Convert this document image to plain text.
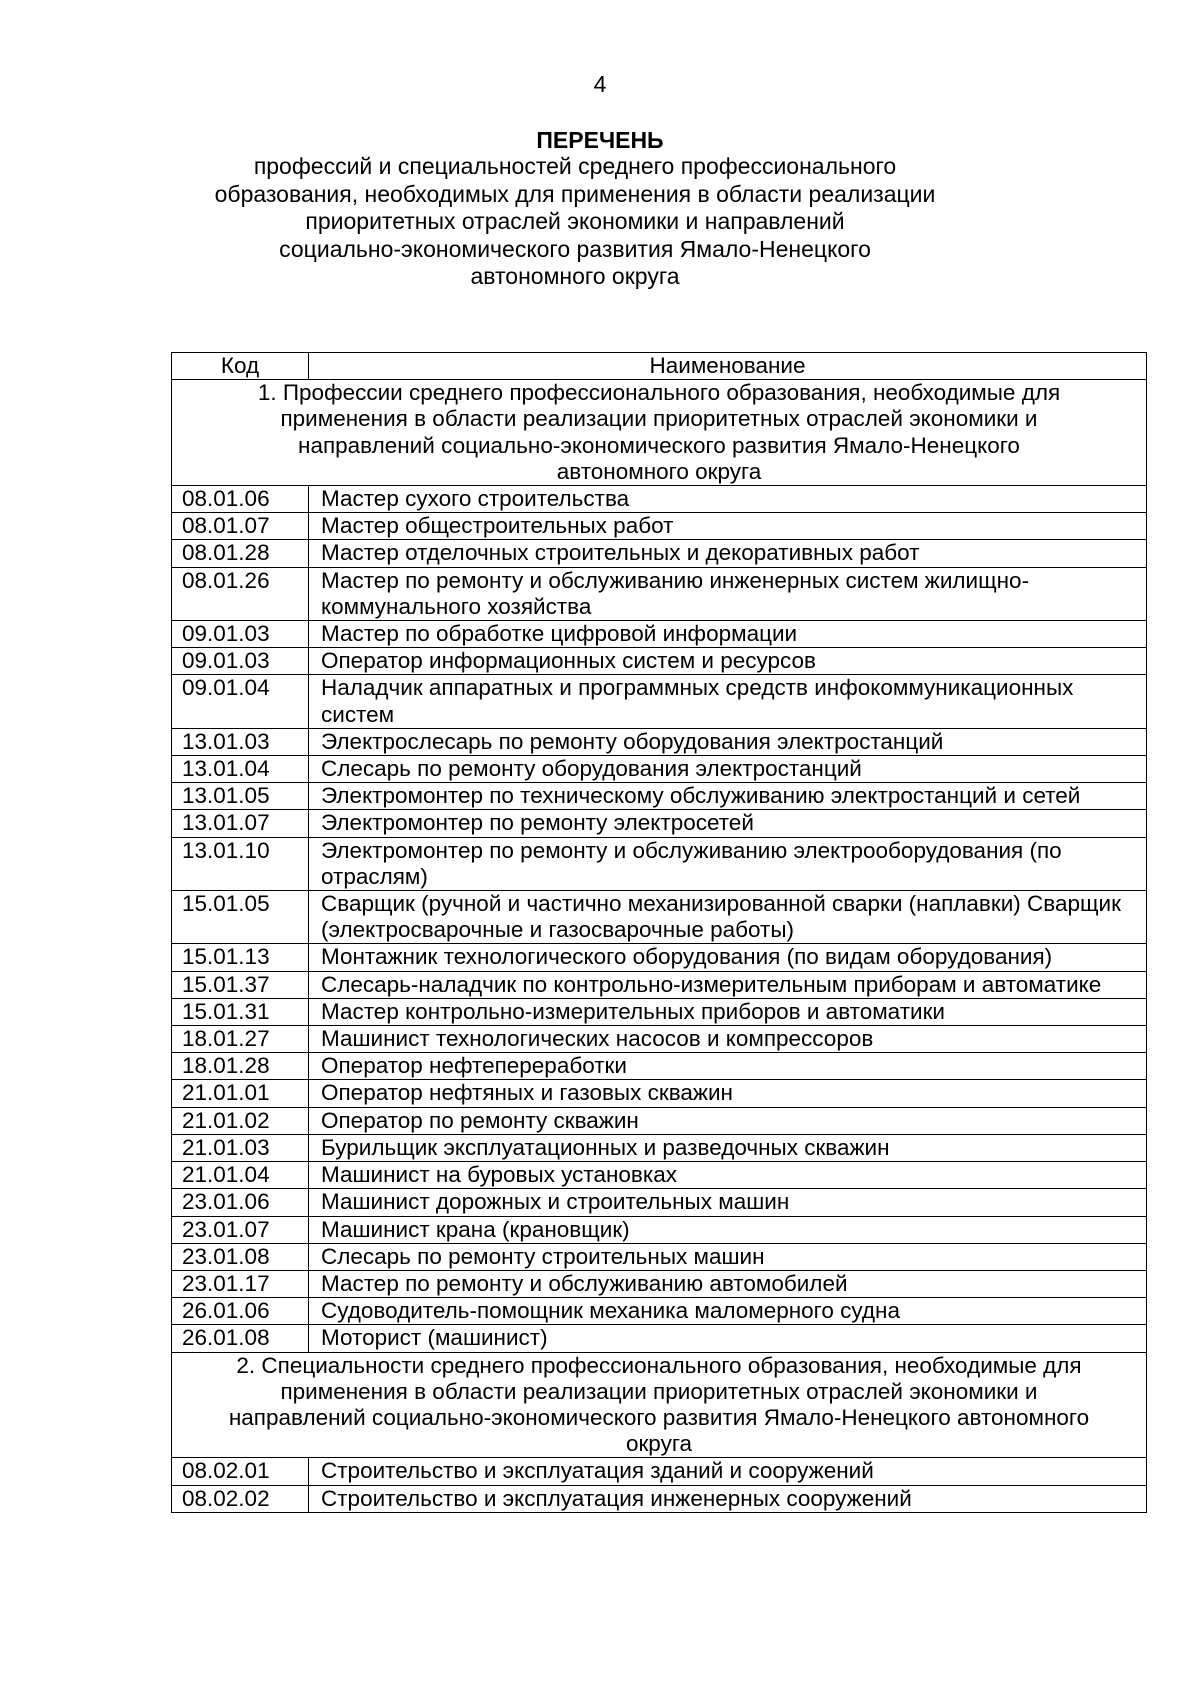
4
ПЕРЕЧЕНЬ

профессий и специальностей среднего профессионального
образования, необходимых для применения в области реализации
приоритетных отраслей экономики и направлений
социально-экономического развития Ямало-Ненецкого
автономного округа

Код	Наименование

1. Профессии среднего профессионального образования, необходимые для
применения в области реализации приоритетных отраслей экономики и
направлений социально-экономического развития Ямало-Ненецкого
автономного округа	

08.01.06	Мастер сухого строительства
08.01.07	Мастер общестроительных работ
08.01.28	Мастер отделочных строительных и декоративных работ
08.01.26	Мастер по ремонту и обслуживанию инженерных систем жилищно-коммунального хозяйства
09.01.03	Мастер по обработке цифровой информации
09.01.03	Оператор информационных систем и ресурсов
09.01.04	Наладчик аппаратных и программных средств инфокоммуникационных систем
13.01.03	Электрослесарь по ремонту оборудования электростанций
13.01.04	Слесарь по ремонту оборудования электростанций
13.01.05	Электромонтер по техническому обслуживанию электростанций и сетей
13.01.07	Электромонтер по ремонту электросетей
13.01.10	Электромонтер по ремонту и обслуживанию электрооборудования (по отраслям)
15.01.05	Сварщик (ручной и частично механизированной сварки (наплавки) Сварщик (электросварочные и газосварочные работы)
15.01.13	Монтажник технологического оборудования (по видам оборудования)
15.01.37	Слесарь-наладчик по контрольно-измерительным приборам и автоматике
15.01.31	Мастер контрольно-измерительных приборов и автоматики
18.01.27	Машинист технологических насосов и компрессоров
18.01.28	Оператор нефтепереработки
21.01.01	Оператор нефтяных и газовых скважин
21.01.02	Оператор по ремонту скважин
21.01.03	Бурильщик эксплуатационных и разведочных скважин
21.01.04	Машинист на буровых установках
23.01.06	Машинист дорожных и строительных машин
23.01.07	Машинист крана (крановщик)
23.01.08	Слесарь по ремонту строительных машин
23.01.17	Мастер по ремонту и обслуживанию автомобилей
26.01.06	Судоводитель-помощник механика маломерного судна
26.01.08	Моторист (машинист)

2. Специальности среднего профессионального образования, необходимые для
применения в области реализации приоритетных отраслей экономики и
направлений социально-экономического развития Ямало-Ненецкого автономного
округа	

08.02.01	Строительство и эксплуатация зданий и сооружений
08.02.02	Строительство и эксплуатация инженерных сооружений
